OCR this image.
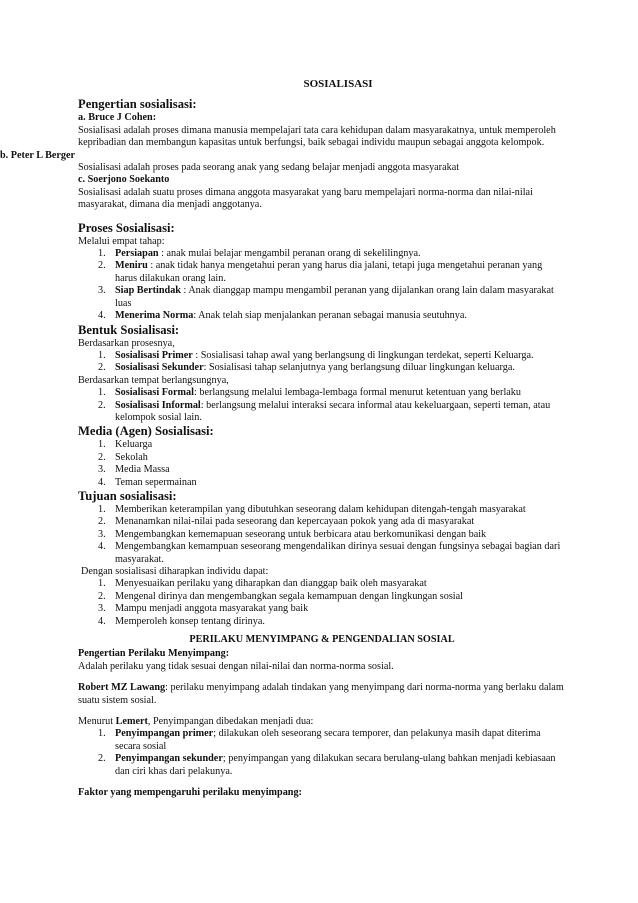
SOSIALISASI
Pengertian sosialisasi:
a. Bruce J Cohen:

Sosialisasi adalah proses dimana manusia mempelajari tata cara kehidupan dalam masyarakatnya, untuk memperoleh kepribadian dan membangun kapasitas untuk berfungsi, baik sebagai individu maupun sebagai anggota kelompok.

b. Peter L Berger

Sosialisasi adalah proses pada seorang anak yang sedang belajar menjadi anggota masyarakat

c. Soerjono Soekanto

Sosialisasi adalah suatu proses dimana anggota masyarakat yang baru mempelajari norma-norma dan nilai-nilai masyarakat, dimana dia menjadi anggotanya.

Proses Sosialisasi:

Melalui empat tahap:

1. Persiapan : anak mulai belajar mengambil peranan orang di sekelilingnya.
2. Meniru : anak tidak hanya mengetahui peran yang harus dia jalani, tetapi juga mengetahui peranan yang harus dilakukan orang lain.
3. Siap Bertindak : Anak dianggap mampu mengambil peranan yang dijalankan orang lain dalam masyarakat luas
4. Menerima Norma: Anak telah siap menjalankan peranan sebagai manusia seutuhnya.
Bentuk Sosialisasi:

Berdasarkan prosesnya,

1. Sosialisasi Primer : Sosialisasi tahap awal yang berlangsung di lingkungan terdekat, seperti Keluarga.
2. Sosialisasi Sekunder: Sosialisasi tahap selanjutnya yang berlangsung diluar lingkungan keluarga.

Berdasarkan tempat berlangsungnya,

1. Sosialisasi Formal: berlangsung melalui lembaga-lembaga formal menurut ketentuan yang berlaku
2. Sosialisasi Informal: berlangsung melalui interaksi secara informal atau kekeluargaan, seperti teman, atau kelompok sosial lain.
Media (Agen) Sosialisasi:
1. Keluarga
2. Sekolah
3. Media Massa
4. Teman sepermainan
Tujuan sosialisasi:
1. Memberikan keterampilan yang dibutuhkan seseorang dalam kehidupan ditengah-tengah masyarakat
2. Menanamkan nilai-nilai pada seseorang dan kepercayaan pokok yang ada di masyarakat
3. Mengembangkan kememapuan seseorang untuk berbicara atau berkomunikasi dengan baik
4. Mengembangkan kemampuan seseorang mengendalikan dirinya sesuai dengan fungsinya sebagai bagian dari masyarakat.

Dengan sosialisasi diharapkan individu dapat:

1. Menyesuaikan perilaku yang diharapkan dan dianggap baik oleh masyarakat
2. Mengenal dirinya dan mengembangkan segala kemampuan dengan lingkungan sosial
3. Mampu menjadi anggota masyarakat yang baik
4. Memperoleh konsep tentang dirinya.
PERILAKU MENYIMPANG & PENGENDALIAN SOSIAL
Pengertian Perilaku Menyimpang:

Adalah perilaku yang tidak sesuai dengan nilai-nilai dan norma-norma sosial.

Robert MZ Lawang: perilaku menyimpang adalah tindakan yang menyimpang dari norma-norma yang berlaku dalam suatu sistem sosial.

Menurut Lemert, Penyimpangan dibedakan menjadi dua:

1. Penyimpangan primer; dilakukan oleh seseorang secara temporer, dan pelakunya masih dapat diterima secara sosial
2. Penyimpangan sekunder; penyimpangan yang dilakukan secara berulang-ulang bahkan menjadi kebiasaan dan ciri khas dari pelakunya.
Faktor yang mempengaruhi perilaku menyimpang:
